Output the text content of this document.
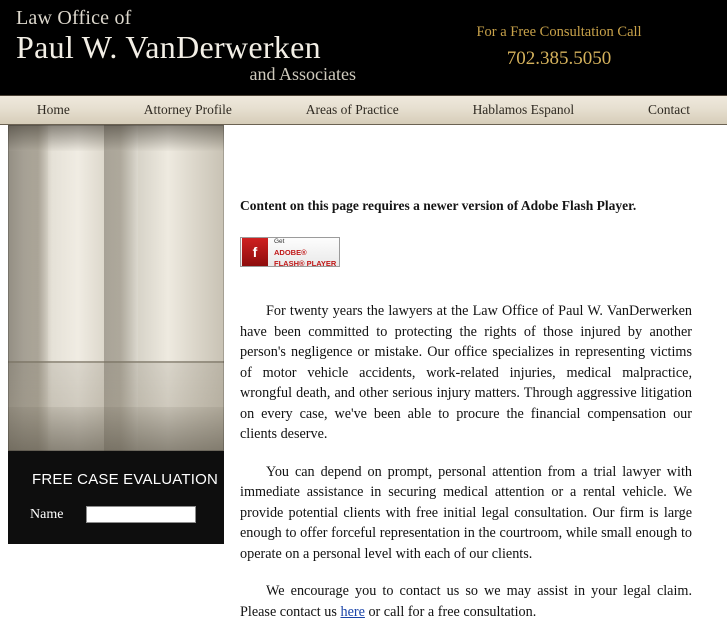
Law Office of
Paul W. VanDerwerken
and Associates
For a Free Consultation Call
702.385.5050
Home	Attorney Profile	Areas of Practice	Hablamos Espanol	Contact
FREE CASE EVALUATION
Name
Content on this page requires a newer version of Adobe Flash Player.
f
Get
ADOBE®
FLASH® PLAYER

For twenty years the lawyers at the Law Office of Paul W. VanDerwerken have been committed to protecting the rights of those injured by another person's negligence or mistake. Our office specializes in representing victims of motor vehicle accidents, work-related injuries, medical malpractice, wrongful death, and other serious injury matters. Through aggressive litigation on every case, we've been able to procure the financial compensation our clients deserve.

You can depend on prompt, personal attention from a trial lawyer with immediate assistance in securing medical attention or a rental vehicle. We provide potential clients with free initial legal consultation. Our firm is large enough to offer forceful representation in the courtroom, while small enough to operate on a personal level with each of our clients.

We encourage you to contact us so we may assist in your legal claim. Please contact us here or call for a free consultation.
